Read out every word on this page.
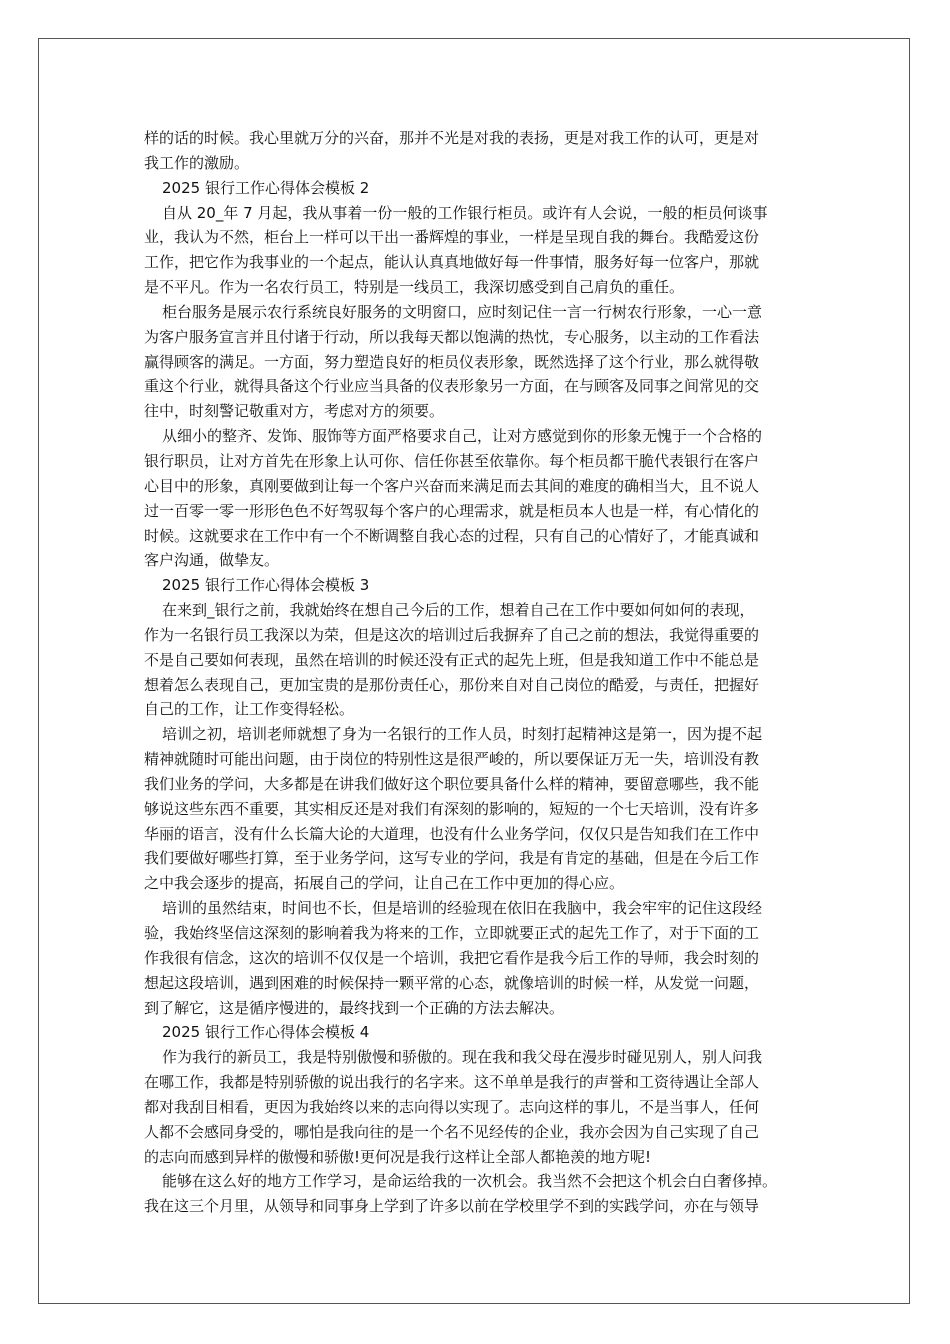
样的话的时候。我心里就万分的兴奋，那并不光是对我的表扬，更是对我工作的认可，更是对
我工作的激励。
2025 银行工作心得体会模板 2
自从 20_年 7 月起，我从事着一份一般的工作银行柜员。或许有人会说，一般的柜员何谈事
业，我认为不然，柜台上一样可以干出一番辉煌的事业，一样是呈现自我的舞台。我酷爱这份
工作，把它作为我事业的一个起点，能认认真真地做好每一件事情，服务好每一位客户，那就
是不平凡。作为一名农行员工，特别是一线员工，我深切感受到自己肩负的重任。
柜台服务是展示农行系统良好服务的文明窗口，应时刻记住一言一行树农行形象，一心一意
为客户服务宣言并且付诸于行动，所以我每天都以饱满的热忱，专心服务，以主动的工作看法
赢得顾客的满足。一方面，努力塑造良好的柜员仪表形象，既然选择了这个行业，那么就得敬
重这个行业，就得具备这个行业应当具备的仪表形象另一方面，在与顾客及同事之间常见的交
往中，时刻警记敬重对方，考虑对方的须要。
从细小的整齐、发饰、服饰等方面严格要求自己，让对方感觉到你的形象无愧于一个合格的
银行职员，让对方首先在形象上认可你、信任你甚至依靠你。每个柜员都干脆代表银行在客户
心目中的形象，真刚要做到让每一个客户兴奋而来满足而去其间的难度的确相当大，且不说人
过一百零一零一形形色色不好驾驭每个客户的心理需求，就是柜员本人也是一样，有心情化的
时候。这就要求在工作中有一个不断调整自我心态的过程，只有自己的心情好了，才能真诚和
客户沟通，做挚友。
2025 银行工作心得体会模板 3
在来到_银行之前，我就始终在想自己今后的工作，想着自己在工作中要如何如何的表现，
作为一名银行员工我深以为荣，但是这次的培训过后我摒弃了自己之前的想法，我觉得重要的
不是自己要如何表现，虽然在培训的时候还没有正式的起先上班，但是我知道工作中不能总是
想着怎么表现自己，更加宝贵的是那份责任心，那份来自对自己岗位的酷爱，与责任，把握好
自己的工作，让工作变得轻松。
培训之初，培训老师就想了身为一名银行的工作人员，时刻打起精神这是第一，因为提不起
精神就随时可能出问题，由于岗位的特别性这是很严峻的，所以要保证万无一失，培训没有教
我们业务的学问，大多都是在讲我们做好这个职位要具备什么样的精神，要留意哪些，我不能
够说这些东西不重要，其实相反还是对我们有深刻的影响的，短短的一个七天培训，没有许多
华丽的语言，没有什么长篇大论的大道理，也没有什么业务学问，仅仅只是告知我们在工作中
我们要做好哪些打算，至于业务学问，这写专业的学问，我是有肯定的基础，但是在今后工作
之中我会逐步的提高，拓展自己的学问，让自己在工作中更加的得心应。
培训的虽然结束，时间也不长，但是培训的经验现在依旧在我脑中，我会牢牢的记住这段经
验，我始终坚信这深刻的影响着我为将来的工作，立即就要正式的起先工作了，对于下面的工
作我很有信念，这次的培训不仅仅是一个培训，我把它看作是我今后工作的导师，我会时刻的
想起这段培训，遇到困难的时候保持一颗平常的心态，就像培训的时候一样，从发觉一问题，
到了解它，这是循序慢进的，最终找到一个正确的方法去解决。
2025 银行工作心得体会模板 4
作为我行的新员工，我是特别傲慢和骄傲的。现在我和我父母在漫步时碰见别人，别人问我
在哪工作，我都是特别骄傲的说出我行的名字来。这不单单是我行的声誉和工资待遇让全部人
都对我刮目相看，更因为我始终以来的志向得以实现了。志向这样的事儿，不是当事人，任何
人都不会感同身受的，哪怕是我向往的是一个名不见经传的企业，我亦会因为自己实现了自己
的志向而感到异样的傲慢和骄傲!更何况是我行这样让全部人都艳羡的地方呢!
能够在这么好的地方工作学习，是命运给我的一次机会。我当然不会把这个机会白白奢侈掉。
我在这三个月里，从领导和同事身上学到了许多以前在学校里学不到的实践学问，亦在与领导
